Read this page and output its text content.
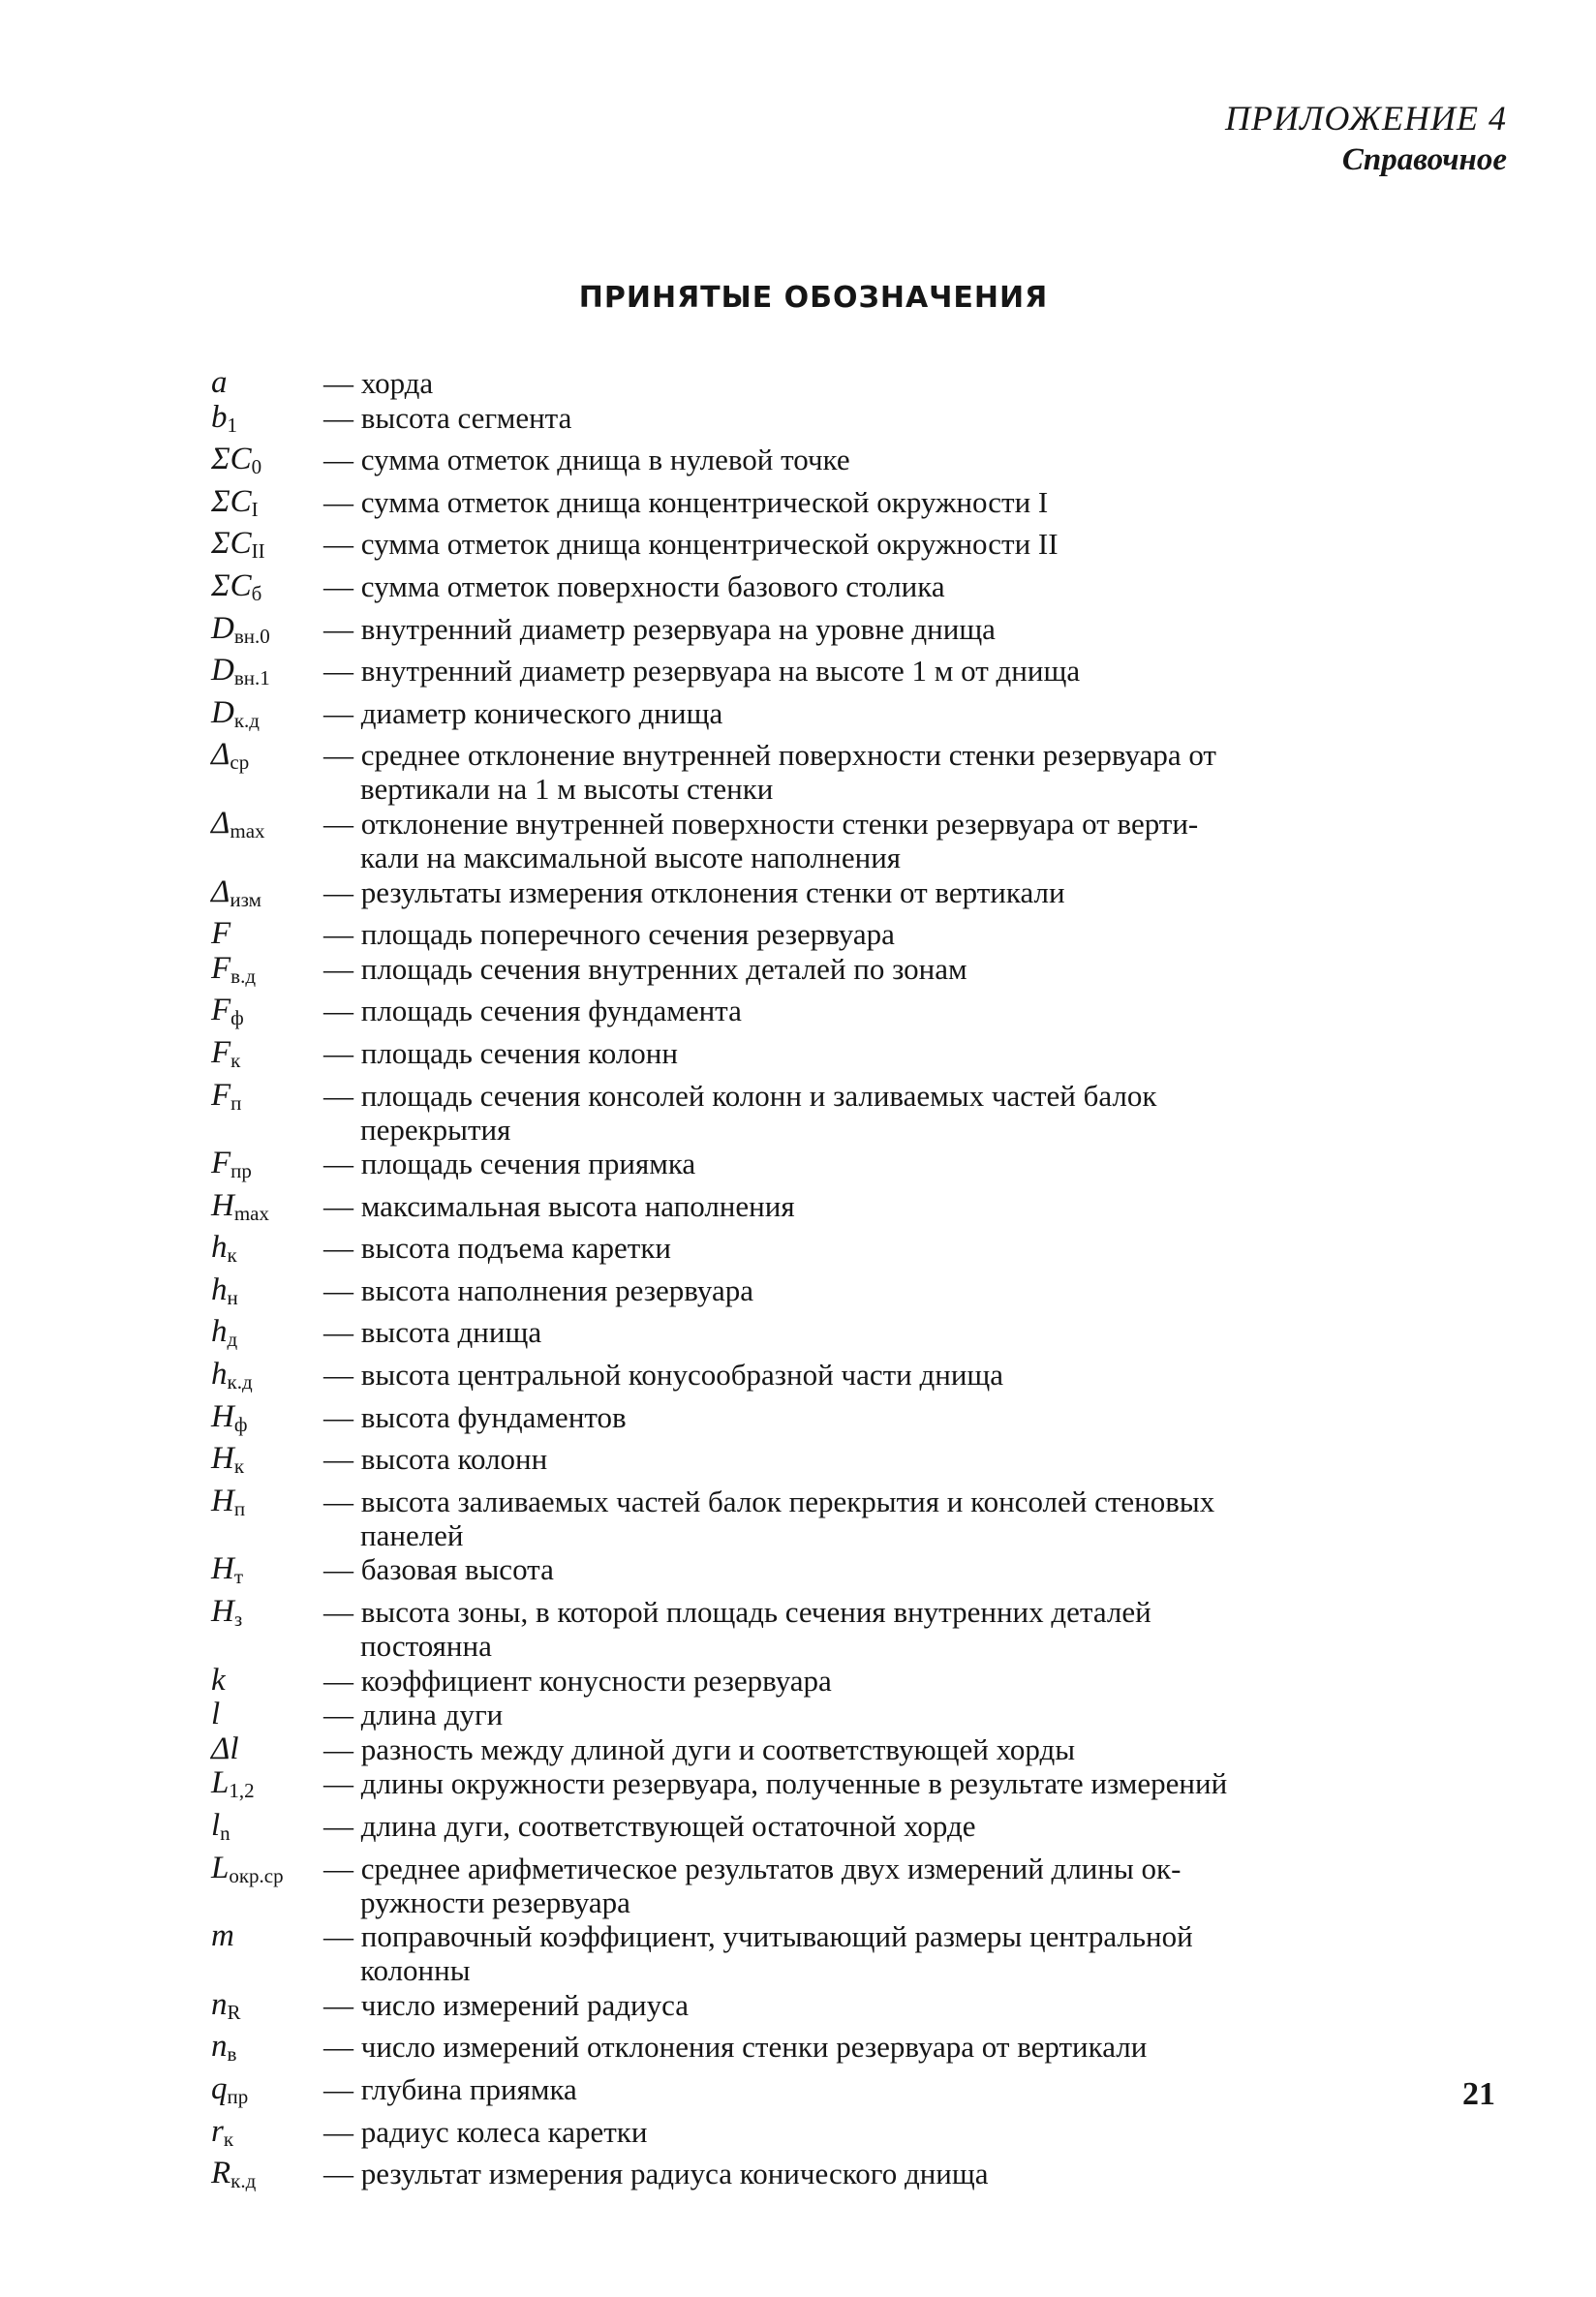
ПРИЛОЖЕНИЕ 4
Справочное
ПРИНЯТЫЕ ОБОЗНАЧЕНИЯ
a	— хорда
$b_1$	— высота сегмента
$\Sigma C_0$	— сумма отметок днища в нулевой точке
$\Sigma C_I$	— сумма отметок днища концентрической окружности I
$\Sigma C_{II}$	— сумма отметок днища концентрической окружности II
$\Sigma C_б$	— сумма отметок поверхности базового столика
$D_{вн.0}$	— внутренний диаметр резервуара на уровне днища
$D_{вн.1}$	— внутренний диаметр резервуара на высоте 1 м от днища
$D_{к.д}$	— диаметр конического днища
$\Delta_{ср}$	— среднее отклонение внутренней поверхности стенки резервуара от
вертикали на 1 м высоты стенки
$\Delta_{max}$	— отклонение внутренней поверхности стенки резервуара от верти-
кали на максимальной высоте наполнения
$\Delta_{изм}$	— результаты измерения отклонения стенки от вертикали
F	— площадь поперечного сечения резервуара
$F_{в.д}$	— площадь сечения внутренних деталей по зонам
$F_ф$	— площадь сечения фундамента
$F_к$	— площадь сечения колонн
$F_п$	— площадь сечения консолей колонн и заливаемых частей балок
перекрытия
$F_{пр}$	— площадь сечения приямка
$H_{max}$	— максимальная высота наполнения
$h_к$	— высота подъема каретки
$h_н$	— высота наполнения резервуара
$h_д$	— высота днища
$h_{к.д}$	— высота центральной конусообразной части днища
$H_ф$	— высота фундаментов
$H_к$	— высота колонн
$H_п$	— высота заливаемых частей балок перекрытия и консолей стеновых
панелей
$H_т$	— базовая высота
$H_з$	— высота зоны, в которой площадь сечения внутренних деталей
постоянна
k	— коэффициент конусности резервуара
l	— длина дуги
Δl	— разность между длиной дуги и соответствующей хорды
$L_{1,2}$	— длины окружности резервуара, полученные в результате измерений
$l_n$	— длина дуги, соответствующей остаточной хорде
$L_{окр.ср}$	— среднее арифметическое результатов двух измерений длины ок-
ружности резервуара
m	— поправочный коэффициент, учитывающий размеры центральной
колонны
$n_R$	— число измерений радиуса
$n_в$	— число измерений отклонения стенки резервуара от вертикали
$q_{пр}$	— глубина приямка
$r_к$	— радиус колеса каретки
$R_{к.д}$	— результат измерения радиуса конического днища
21
